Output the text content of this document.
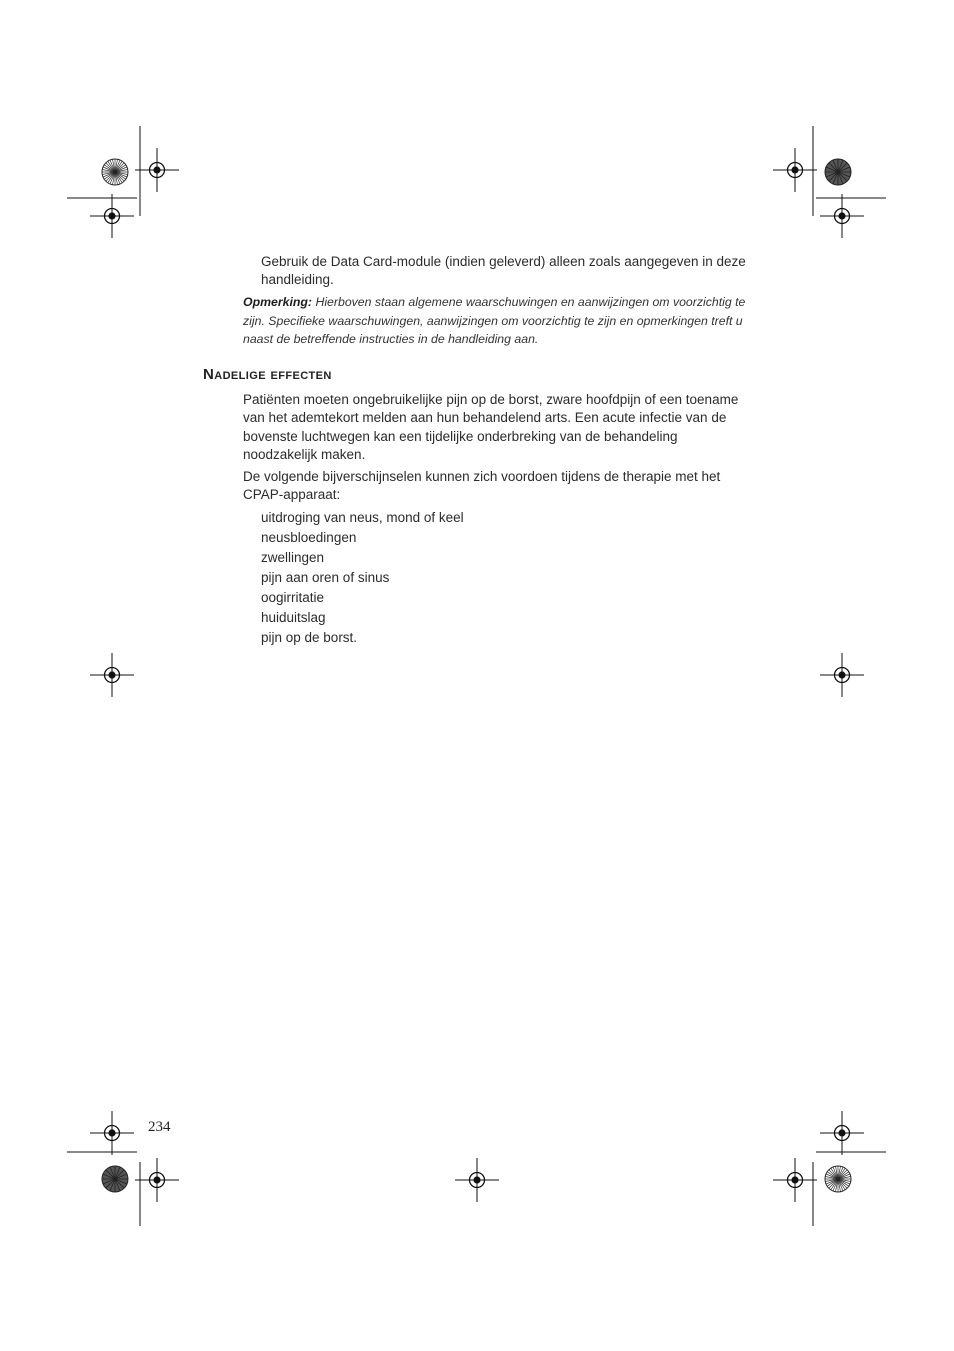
Gebruik de Data Card-module (indien geleverd) alleen zoals aangegeven in deze handleiding.
Opmerking: Hierboven staan algemene waarschuwingen en aanwijzingen om voorzichtig te zijn. Specifieke waarschuwingen, aanwijzingen om voorzichtig te zijn en opmerkingen treft u naast de betreffende instructies in de handleiding aan.
Nadelige effecten
Patiënten moeten ongebruikelijke pijn op de borst, zware hoofdpijn of een toename van het ademtekort melden aan hun behandelend arts. Een acute infectie van de bovenste luchtwegen kan een tijdelijke onderbreking van de behandeling noodzakelijk maken.
De volgende bijverschijnselen kunnen zich voordoen tijdens de therapie met het CPAP-apparaat:
uitdroging van neus, mond of keel
neusbloedingen
zwellingen
pijn aan oren of sinus
oogirritatie
huiduitslag
pijn op de borst.
234
